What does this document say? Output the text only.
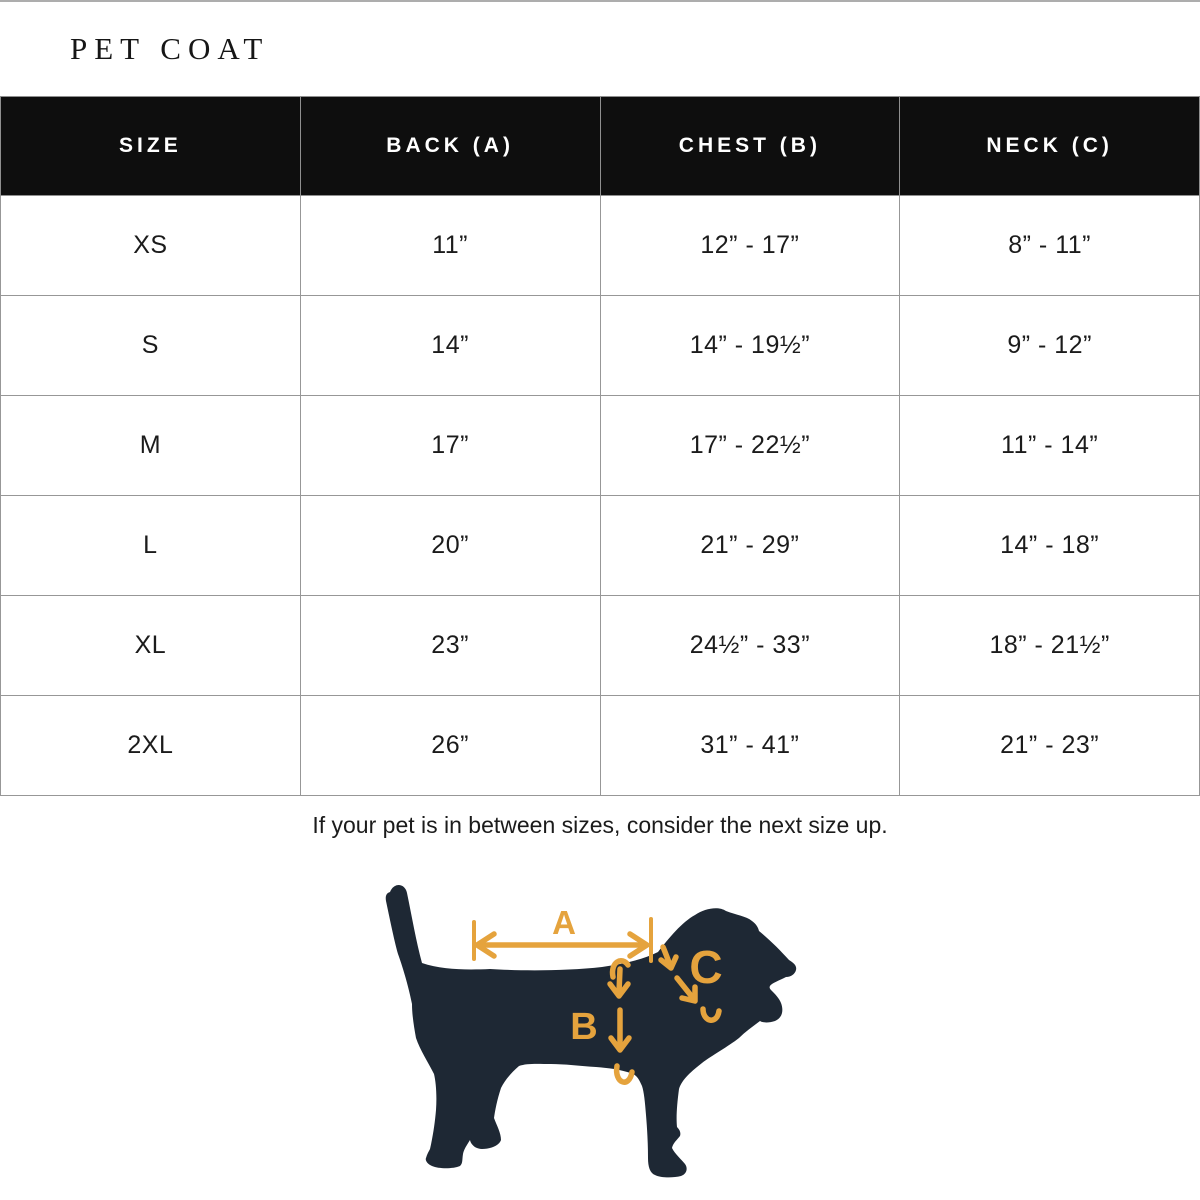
PET COAT
SIZE	BACK (A)	CHEST (B)	NECK (C)
XS	11”	12” - 17”	8” - 11”
S	14”	14” - 19½”	9” - 12”
M	17”	17” - 22½”	11” - 14”
L	20”	21” - 29”	14” - 18”
XL	23”	24½” - 33”	18” - 21½”
2XL	26”	31” - 41”	21” - 23”
If your pet is in between sizes, consider the next size up.
A
B
C
